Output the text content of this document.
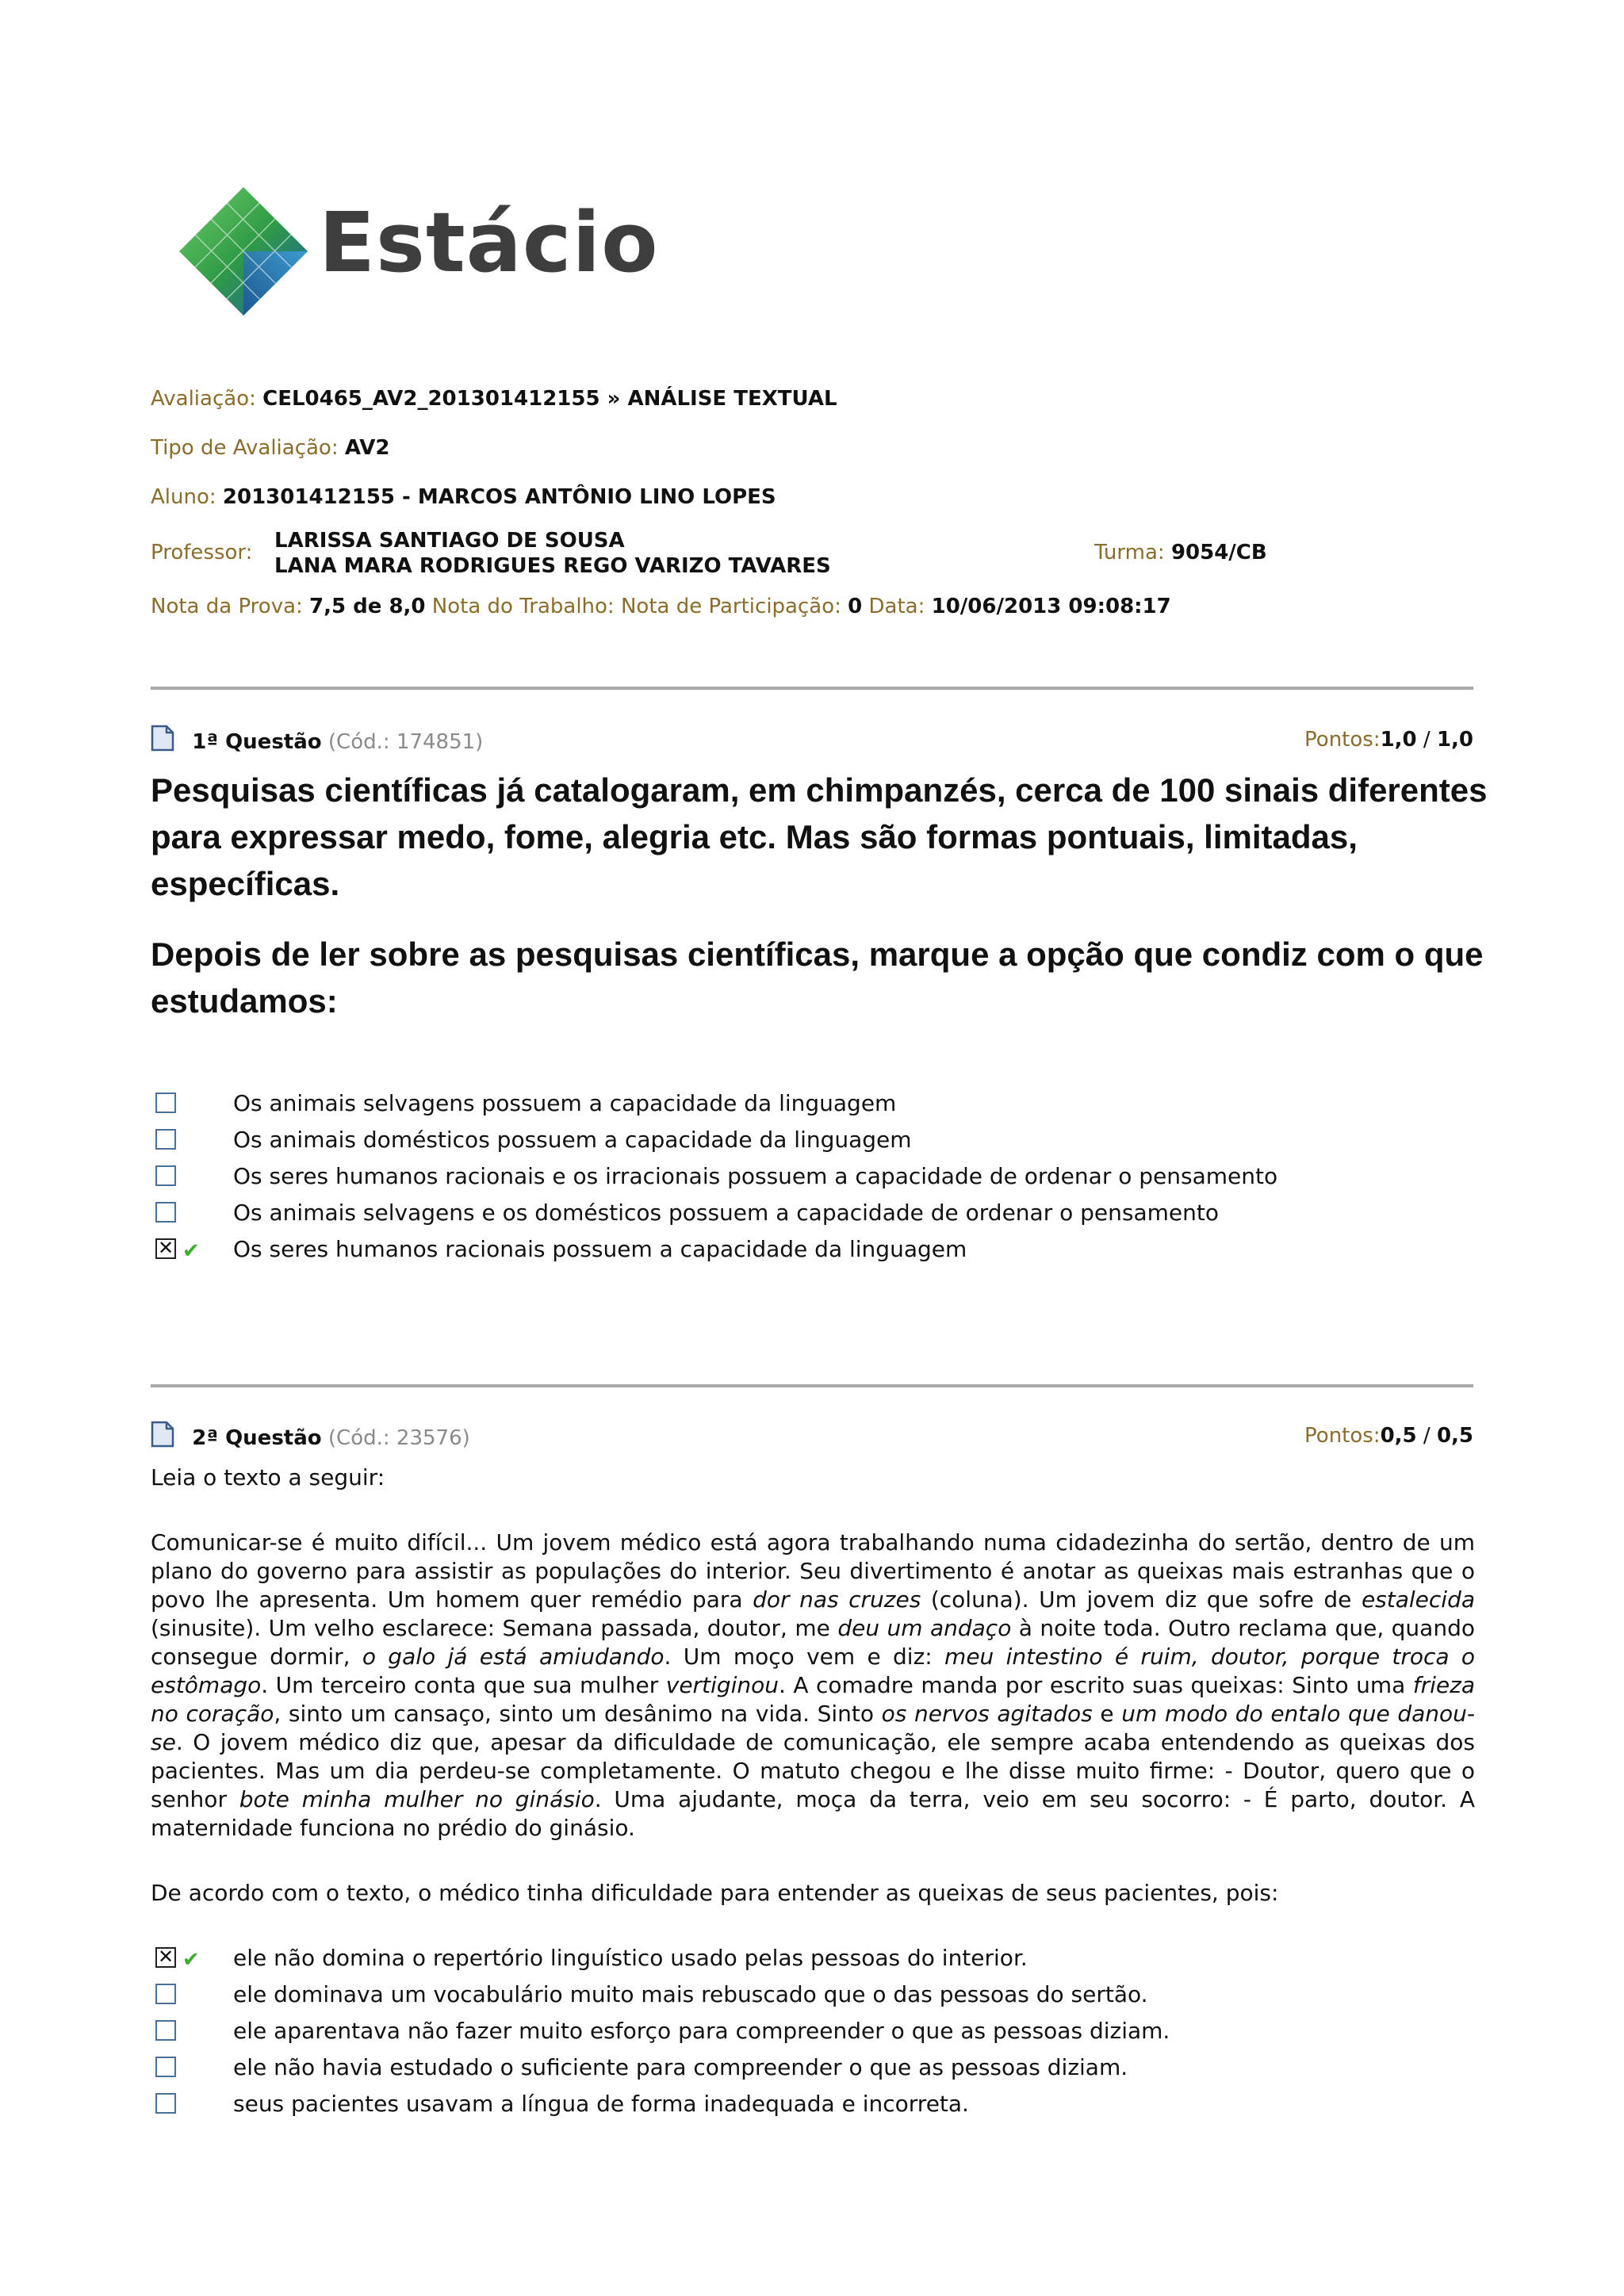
Estácio
Avaliação: CEL0465_AV2_201301412155 » ANÁLISE TEXTUAL
Tipo de Avaliação: AV2
Aluno: 201301412155 - MARCOS ANTÔNIO LINO LOPES
Professor: LARISSA SANTIAGO DE SOUSA
LANA MARA RODRIGUES REGO VARIZO TAVARES
Turma: 9054/CB
Nota da Prova: 7,5 de 8,0 Nota do Trabalho: Nota de Participação: 0 Data: 10/06/2013 09:08:17
1ª Questão (Cód.: 174851)	Pontos:1,0 / 1,0

Pesquisas científicas já catalogaram, em chimpanzés, cerca de 100 sinais diferentes para expressar medo, fome, alegria etc. Mas são formas pontuais, limitadas, específicas.

Depois de ler sobre as pesquisas científicas, marque a opção que condiz com o que estudamos:

Os animais selvagens possuem a capacidade da linguagem
Os animais domésticos possuem a capacidade da linguagem
Os seres humanos racionais e os irracionais possuem a capacidade de ordenar o pensamento
Os animais selvagens e os domésticos possuem a capacidade de ordenar o pensamento
✕ ✔ Os seres humanos racionais possuem a capacidade da linguagem
2ª Questão (Cód.: 23576)	Pontos:0,5 / 0,5

Leia o texto a seguir:

Comunicar-se é muito difícil... Um jovem médico está agora trabalhando numa cidadezinha do sertão, dentro de um plano do governo para assistir as populações do interior. Seu divertimento é anotar as queixas mais estranhas que o povo lhe apresenta. Um homem quer remédio para dor nas cruzes (coluna). Um jovem diz que sofre de estalecida (sinusite). Um velho esclarece: Semana passada, doutor, me deu um andaço à noite toda. Outro reclama que, quando consegue dormir, o galo já está amiudando. Um moço vem e diz: meu intestino é ruim, doutor, porque troca o estômago. Um terceiro conta que sua mulher vertiginou. A comadre manda por escrito suas queixas: Sinto uma frieza no coração, sinto um cansaço, sinto um desânimo na vida. Sinto os nervos agitados e um modo do entalo que danou-se. O jovem médico diz que, apesar da dificuldade de comunicação, ele sempre acaba entendendo as queixas dos pacientes. Mas um dia perdeu-se completamente. O matuto chegou e lhe disse muito firme: - Doutor, quero que o senhor bote minha mulher no ginásio. Uma ajudante, moça da terra, veio em seu socorro: - É parto, doutor. A maternidade funciona no prédio do ginásio.

De acordo com o texto, o médico tinha dificuldade para entender as queixas de seus pacientes, pois:

✕ ✔ ele não domina o repertório linguístico usado pelas pessoas do interior.
ele dominava um vocabulário muito mais rebuscado que o das pessoas do sertão.
ele aparentava não fazer muito esforço para compreender o que as pessoas diziam.
ele não havia estudado o suficiente para compreender o que as pessoas diziam.
seus pacientes usavam a língua de forma inadequada e incorreta.
